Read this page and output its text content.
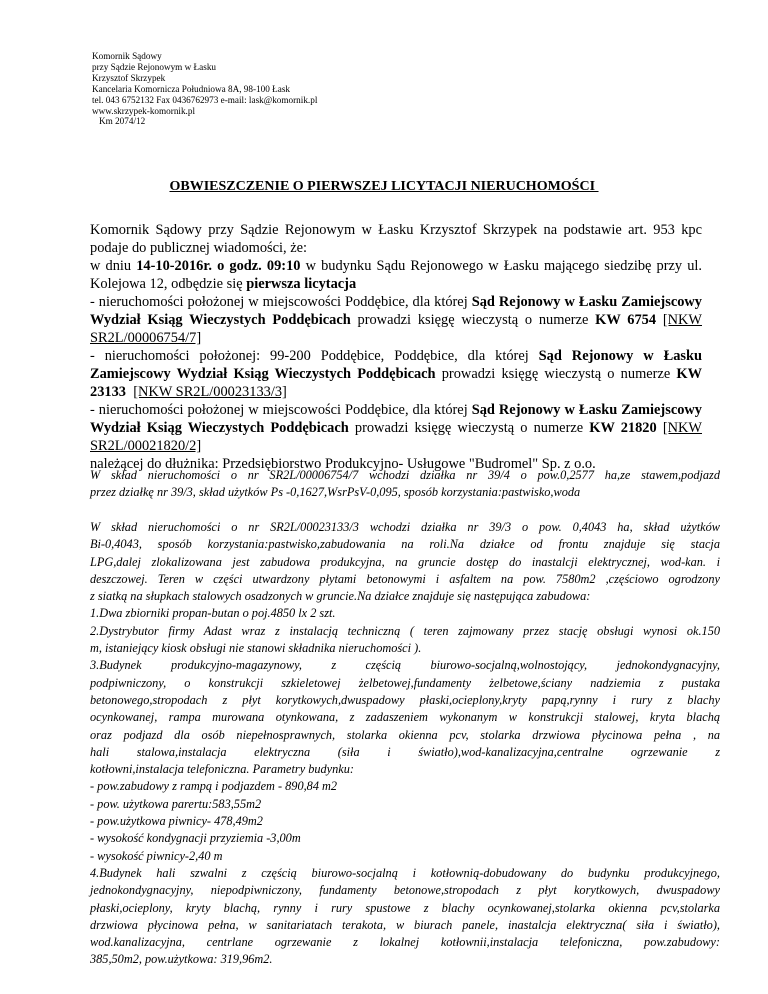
Komornik Sądowy
przy Sądzie Rejonowym w Łasku
Krzysztof Skrzypek
Kancelaria Komornicza Południowa 8A, 98-100 Łask
tel. 043 6752132 Fax 0436762973 e-mail: lask@komornik.pl
www.skrzypek-komornik.pl
Km 2074/12
OBWIESZCZENIE O PIERWSZEJ LICYTACJI NIERUCHOMOŚCI
Komornik Sądowy przy Sądzie Rejonowym w Łasku Krzysztof Skrzypek na podstawie art. 953 kpc podaje do publicznej wiadomości, że:
w dniu 14-10-2016r. o godz. 09:10 w budynku Sądu Rejonowego w Łasku mającego siedzibę przy ul. Kolejowa 12, odbędzie się pierwsza licytacja
- nieruchomości położonej w miejscowości Poddębice, dla której Sąd Rejonowy w Łasku Zamiejscowy Wydział Ksiąg Wieczystych Poddębicach prowadzi księgę wieczystą o numerze KW 6754 [NKW SR2L/00006754/7]
- nieruchomości położonej: 99-200 Poddębice, Poddębice, dla której Sąd Rejonowy w Łasku Zamiejscowy Wydział Ksiąg Wieczystych Poddębicach prowadzi księgę wieczystą o numerze KW 23133 [NKW SR2L/00023133/3]
- nieruchomości położonej w miejscowości Poddębice, dla której Sąd Rejonowy w Łasku Zamiejscowy Wydział Ksiąg Wieczystych Poddębicach prowadzi księgę wieczystą o numerze KW 21820 [NKW SR2L/00021820/2]
należącej do dłużnika: Przedsiębiorstwo Produkcyjno- Usługowe "Budromel" Sp. z o.o.
W skład nieruchomości o nr SR2L/00006754/7 wchodzi działka nr 39/4 o pow.0,2577 ha,ze stawem,podjazd
przez działkę nr 39/3, skład użytków Ps -0,1627,WsrPsV-0,095, sposób korzystania:pastwisko,woda
W skład nieruchomości o nr SR2L/00023133/3 wchodzi działka nr 39/3 o pow. 0,4043 ha, skład użytków
Bi-0,4043, sposób korzystania:pastwisko,zabudowania na roli.Na działce od frontu znajduje się stacja
LPG,dalej zlokalizowana jest zabudowa produkcyjna, na gruncie dostęp do inastalcji elektrycznej, wod-kan. i
deszczowej. Teren w części utwardzony płytami betonowymi i asfaltem na pow. 7580m2 ,częściowo ogrodzony
z siatką na słupkach stalowych osadzonych w gruncie.Na działce znajduje się następująca zabudowa:
1.Dwa zbiorniki propan-butan o poj.4850 lx 2 szt.
2.Dystrybutor firmy Adast wraz z instalacją techniczną ( teren zajmowany przez stację obsługi wynosi ok.150
m, istaniejący kiosk obsługi nie stanowi składnika nieruchomości ).
3.Budynek produkcyjno-magazynowy, z częścią biurowo-socjalną,wolnostojący, jednokondygnacyjny,
podpiwniczony, o konstrukcji szkieletowej żelbetowej,fundamenty żelbetowe,ściany nadziemia z pustaka
betonowego,stropodach z płyt korytkowych,dwuspadowy płaski,ocieplony,kryty papą,rynny i rury z blachy
ocynkowanej, rampa murowana otynkowana, z zadaszeniem wykonanym w konstrukcji stalowej, kryta blachą
oraz podjazd dla osób niepełnosprawnych, stolarka okienna pcv, stolarka drzwiowa płycinowa pełna , na
hali stalowa,instalacja elektryczna (siła i światło),wod-kanalizacyjna,centralne ogrzewanie z
kotłowni,instalacja telefoniczna. Parametry budynku:
- pow.zabudowy z rampą i podjazdem - 890,84 m2
- pow. użytkowa parertu:583,55m2
- pow.użytkowa piwnicy- 478,49m2
- wysokość kondygnacji przyziemia -3,00m
- wysokość piwnicy-2,40 m
4.Budynek hali szwalni z częścią biurowo-socjalną i kotłownią-dobudowany do budynku produkcyjnego,
jednokondygnacyjny, niepodpiwniczony, fundamenty betonowe,stropodach z płyt korytkowych, dwuspadowy
płaski,ocieplony, kryty blachą, rynny i rury spustowe z blachy ocynkowanej,stolarka okienna pcv,stolarka
drzwiowa płycinowa pełna, w sanitariatach terakota, w biurach panele, inastalcja elektryczna( siła i światło),
wod.kanalizacyjna, centrlane ogrzewanie z lokalnej kotłownii,instalacja telefoniczna, pow.zabudowy:
385,50m2, pow.użytkowa: 319,96m2.
